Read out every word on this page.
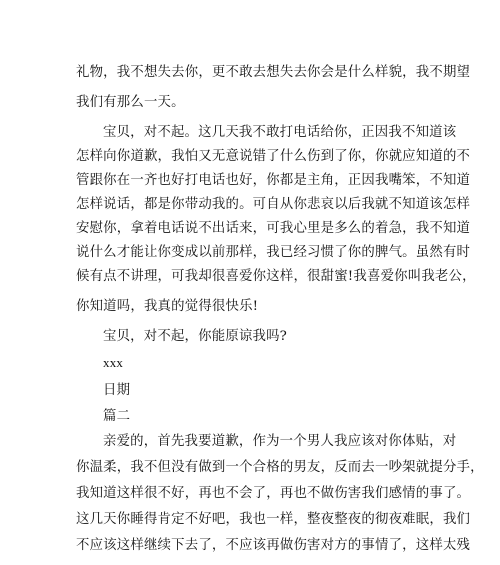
礼物，我不想失去你，更不敢去想失去你会是什么样貌，我不期望
我们有那么一天。
宝贝，对不起。这几天我不敢打电话给你，正因我不知道该
怎样向你道歉，我怕又无意说错了什么伤到了你，你就应知道的不
管跟你在一齐也好打电话也好，你都是主角，正因我嘴笨，不知道
怎样说话，都是你带动我的。可自从你悲哀以后我就不知道该怎样
安慰你，拿着电话说不出话来，可我心里是多么的着急，我不知道
说什么才能让你变成以前那样，我已经习惯了你的脾气。虽然有时
候有点不讲理，可我却很喜爱你这样，很甜蜜!我喜爱你叫我老公，
你知道吗，我真的觉得很快乐!
宝贝，对不起，你能原谅我吗?
xxx
日期
篇二
亲爱的，首先我要道歉，作为一个男人我应该对你体贴，对
你温柔，我不但没有做到一个合格的男友，反而去一吵架就提分手，
我知道这样很不好，再也不会了，再也不做伤害我们感情的事了。
这几天你睡得肯定不好吧，我也一样，整夜整夜的彻夜难眠，我们
不应该这样继续下去了，不应该再做伤害对方的事情了，这样太残
